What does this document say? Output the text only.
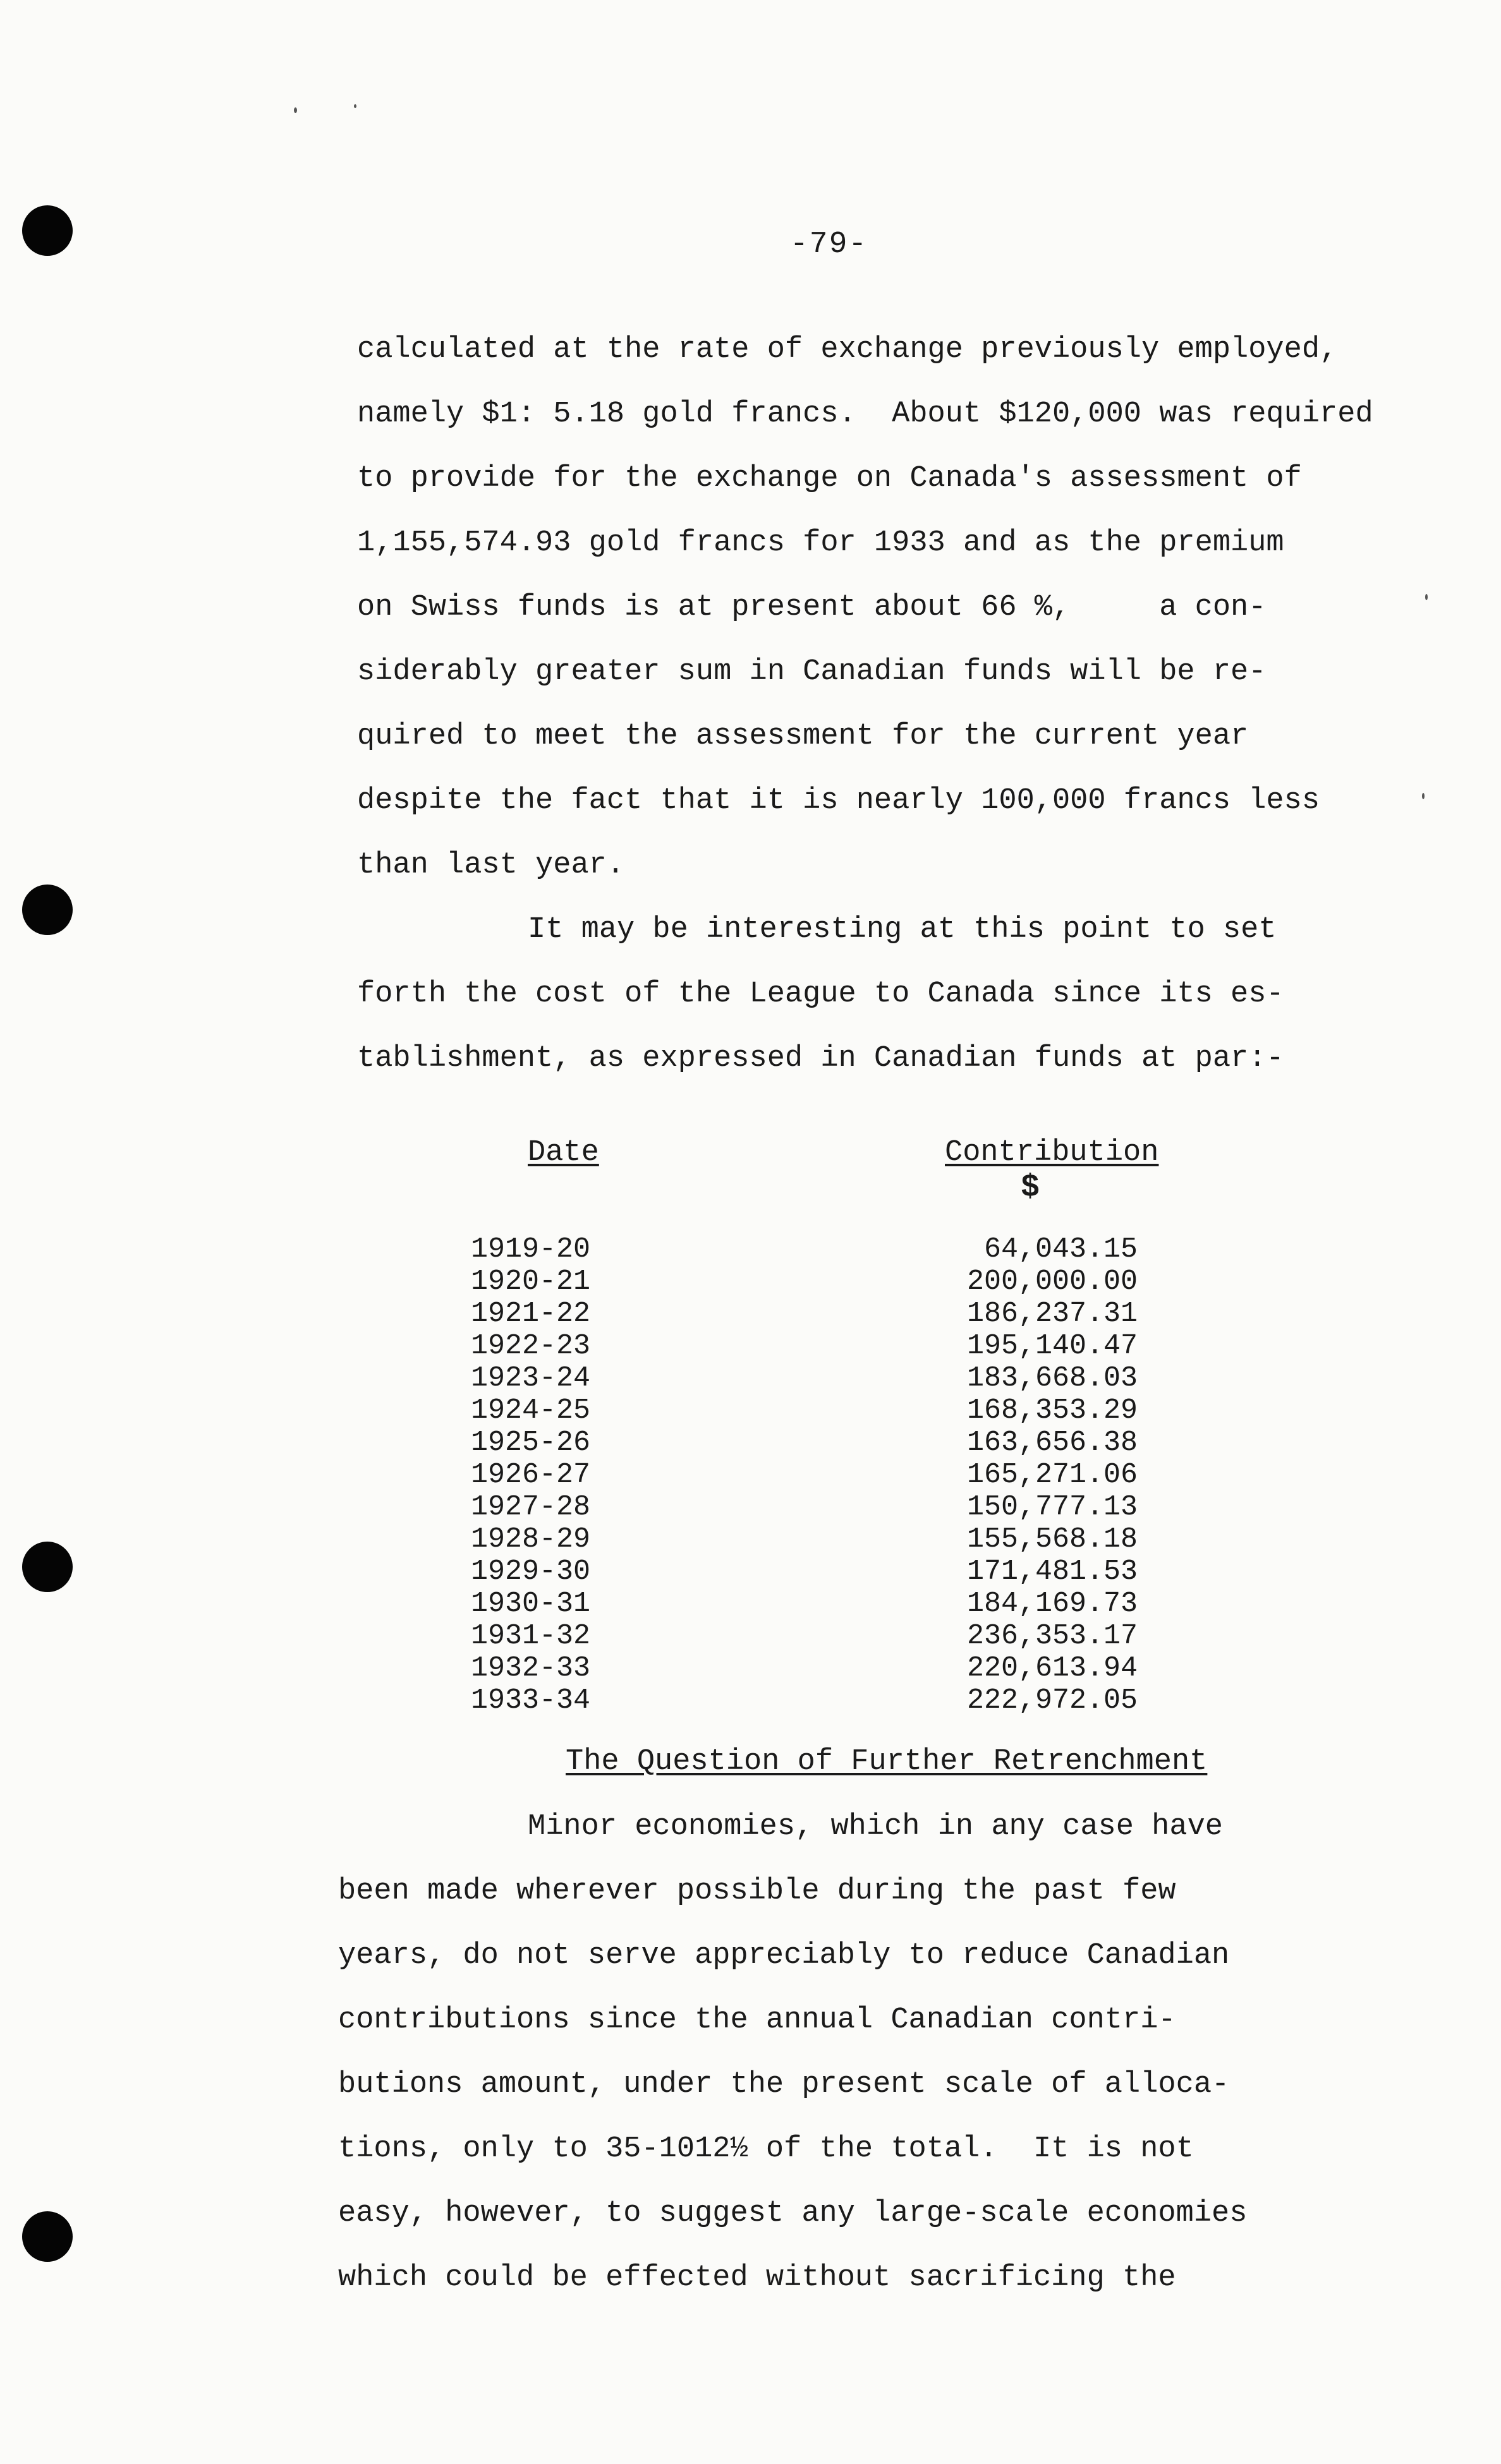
-79-
calculated at the rate of exchange previously employed,
namely $1: 5.18 gold francs.  About $120,000 was required
to provide for the exchange on Canada's assessment of
1,155,574.93 gold francs for 1933 and as the premium
on Swiss funds is at present about 66 %,     a con-
siderably greater sum in Canadian funds will be re-
quired to meet the assessment for the current year
despite the fact that it is nearly 100,000 francs less
than last year.
It may be interesting at this point to set
forth the cost of the League to Canada since its es-
tablishment, as expressed in Canadian funds at par:-
Date	Contribution
$
1919-20	64,043.15
1920-21	200,000.00
1921-22	186,237.31
1922-23	195,140.47
1923-24	183,668.03
1924-25	168,353.29
1925-26	163,656.38
1926-27	165,271.06
1927-28	150,777.13
1928-29	155,568.18
1929-30	171,481.53
1930-31	184,169.73
1931-32	236,353.17
1932-33	220,613.94
1933-34	222,972.05
The Question of Further Retrenchment
Minor economies, which in any case have
been made wherever possible during the past few
years, do not serve appreciably to reduce Canadian
contributions since the annual Canadian contri-
butions amount, under the present scale of alloca-
tions, only to 35-1012½ of the total.  It is not
easy, however, to suggest any large-scale economies
which could be effected without sacrificing the
